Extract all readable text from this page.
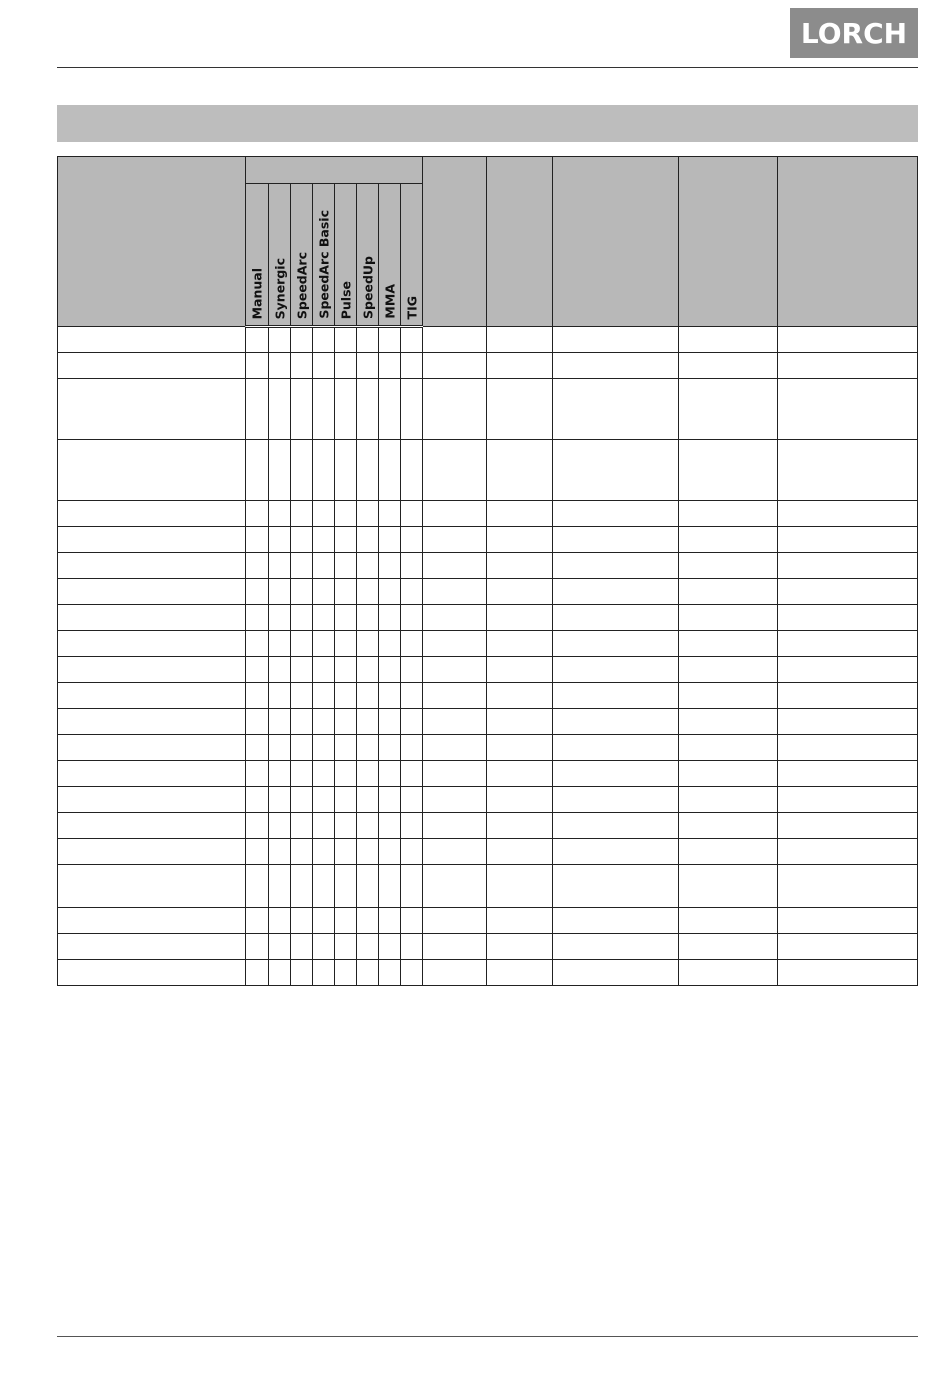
LORCH

	Manual	Synergic	SpeedArc	SpeedArc Basic	Pulse	SpeedUp	MMA	TIG					
